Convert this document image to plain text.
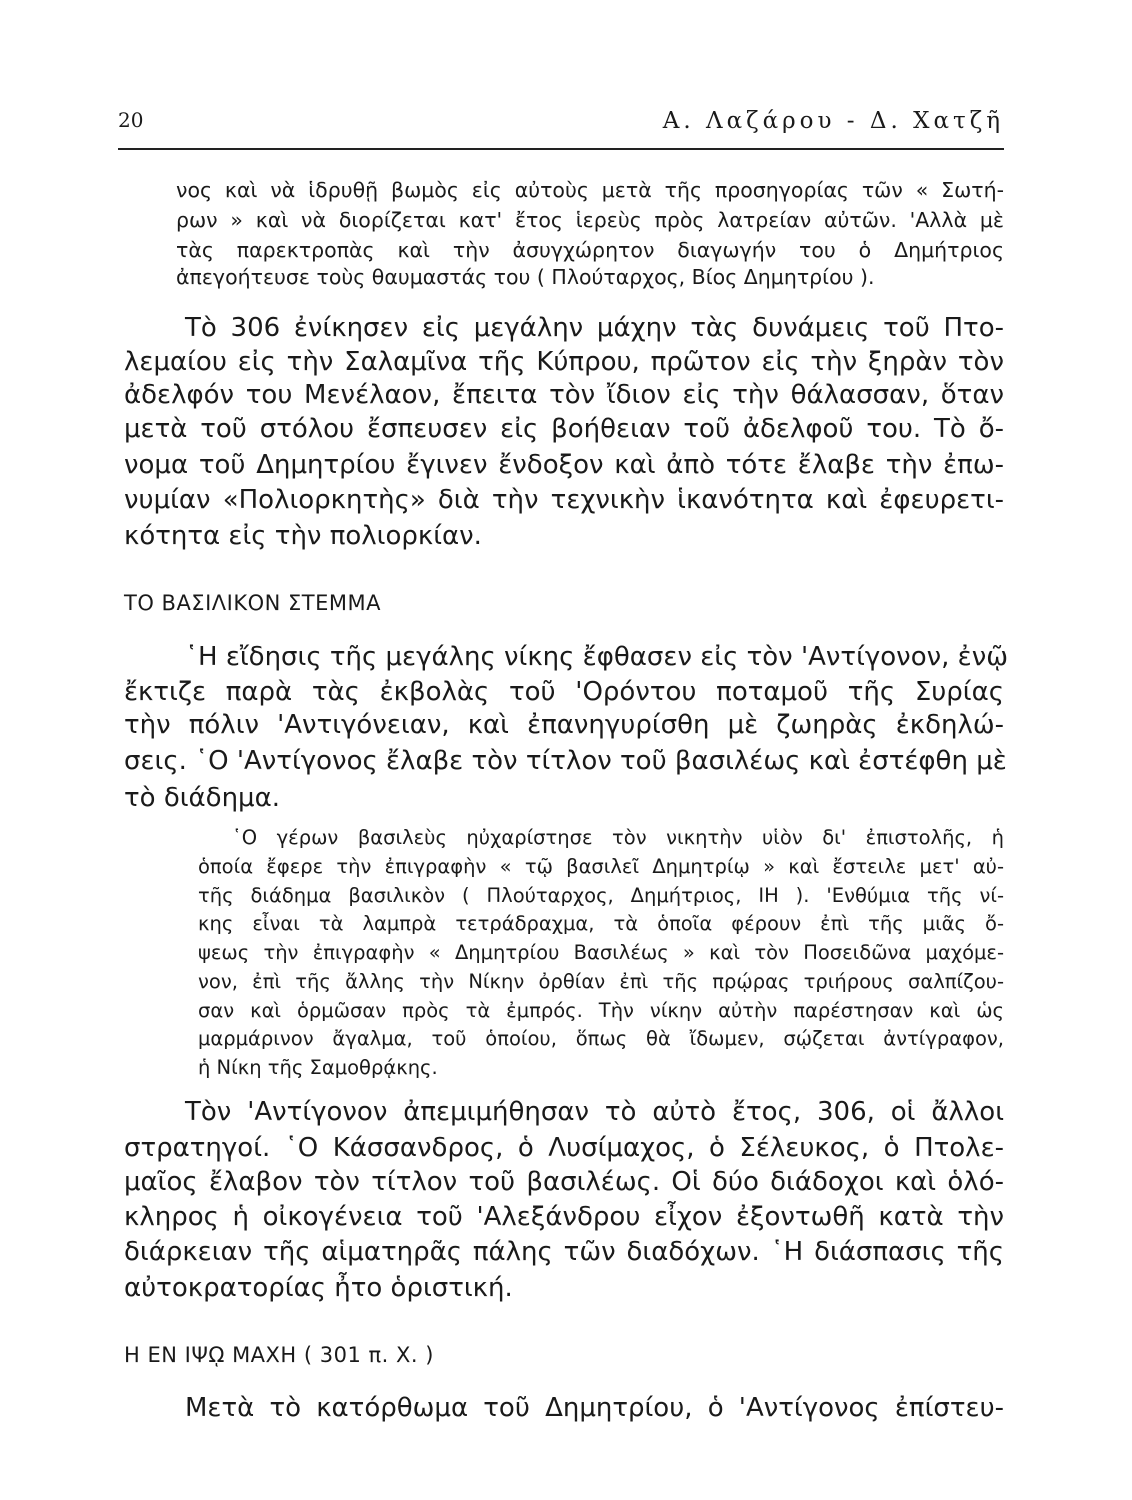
20	Α. Λαζάρου - Δ. Χατζῆ
νος καὶ νὰ ἱδρυθῇ βωμὸς εἰς αὐτοὺς μετὰ τῆς προσηγορίας τῶν « Σωτή-
ρων » καὶ νὰ διορίζεται κατ' ἔτος ἱερεὺς πρὸς λατρείαν αὐτῶν. 'Αλλὰ μὲ
τὰς παρεκτροπὰς καὶ τὴν ἀσυγχώρητον διαγωγήν του ὁ Δημήτριος
ἀπεγοήτευσε τοὺς θαυμαστάς του ( Πλούταρχος, Βίος Δημητρίου ).
Τὸ 306 ἐνίκησεν εἰς μεγάλην μάχην τὰς δυνάμεις τοῦ Πτο-
λεμαίου εἰς τὴν Σαλαμῖνα τῆς Κύπρου, πρῶτον εἰς τὴν ξηρὰν τὸν
ἀδελφόν του Μενέλαον, ἔπειτα τὸν ἴδιον εἰς τὴν θάλασσαν, ὅταν
μετὰ τοῦ στόλου ἔσπευσεν εἰς βοήθειαν τοῦ ἀδελφοῦ του. Τὸ ὄ-
νομα τοῦ Δημητρίου ἔγινεν ἔνδοξον καὶ ἀπὸ τότε ἔλαβε τὴν ἐπω-
νυμίαν «Πολιορκητὴς» διὰ τὴν τεχνικὴν ἱκανότητα καὶ ἐφευρετι-
κότητα εἰς τὴν πολιορκίαν.
ΤΟ ΒΑΣΙΛΙΚΟΝ ΣΤΕΜΜΑ
῾Η εἴδησις τῆς μεγάλης νίκης ἔφθασεν εἰς τὸν 'Αντίγονον, ἐνῷ
ἔκτιζε παρὰ τὰς ἐκβολὰς τοῦ 'Ορόντου ποταμοῦ τῆς Συρίας
τὴν πόλιν 'Αντιγόνειαν, καὶ ἐπανηγυρίσθη μὲ ζωηρὰς ἐκδηλώ-
σεις. ῾Ο 'Αντίγονος ἔλαβε τὸν τίτλον τοῦ βασιλέως καὶ ἐστέφθη μὲ
τὸ διάδημα.
῾Ο γέρων βασιλεὺς ηὐχαρίστησε τὸν νικητὴν υἱὸν δι' ἐπιστολῆς, ἡ
ὁποία ἔφερε τὴν ἐπιγραφὴν « τῷ βασιλεῖ Δημητρίῳ » καὶ ἔστειλε μετ' αὐ-
τῆς διάδημα βασιλικὸν ( Πλούταρχος, Δημήτριος, ΙΗ ). 'Ενθύμια τῆς νί-
κης εἶναι τὰ λαμπρὰ τετράδραχμα, τὰ ὁποῖα φέρουν ἐπὶ τῆς μιᾶς ὄ-
ψεως τὴν ἐπιγραφὴν « Δημητρίου Βασιλέως » καὶ τὸν Ποσειδῶνα μαχόμε-
νον, ἐπὶ τῆς ἄλλης τὴν Νίκην ὀρθίαν ἐπὶ τῆς πρῴρας τριήρους σαλπίζου-
σαν καὶ ὁρμῶσαν πρὸς τὰ ἐμπρός. Τὴν νίκην αὐτὴν παρέστησαν καὶ ὡς
μαρμάρινον ἄγαλμα, τοῦ ὁποίου, ὅπως θὰ ἴδωμεν, σῴζεται ἀντίγραφον,
ἡ Νίκη τῆς Σαμοθρᾴκης.
Τὸν 'Αντίγονον ἀπεμιμήθησαν τὸ αὐτὸ ἔτος, 306, οἱ ἄλλοι
στρατηγοί. ῾Ο Κάσσανδρος, ὁ Λυσίμαχος, ὁ Σέλευκος, ὁ Πτολε-
μαῖος ἔλαβον τὸν τίτλον τοῦ βασιλέως. Οἱ δύο διάδοχοι καὶ ὁλό-
κληρος ἡ οἰκογένεια τοῦ 'Αλεξάνδρου εἶχον ἐξοντωθῆ κατὰ τὴν
διάρκειαν τῆς αἱματηρᾶς πάλης τῶν διαδόχων. ῾Η διάσπασις τῆς
αὐτοκρατορίας ἦτο ὁριστική.
Η ΕΝ ΙΨῼ ΜΑΧΗ ( 301 π. Χ. )
Μετὰ τὸ κατόρθωμα τοῦ Δημητρίου, ὁ 'Αντίγονος ἐπίστευ-
